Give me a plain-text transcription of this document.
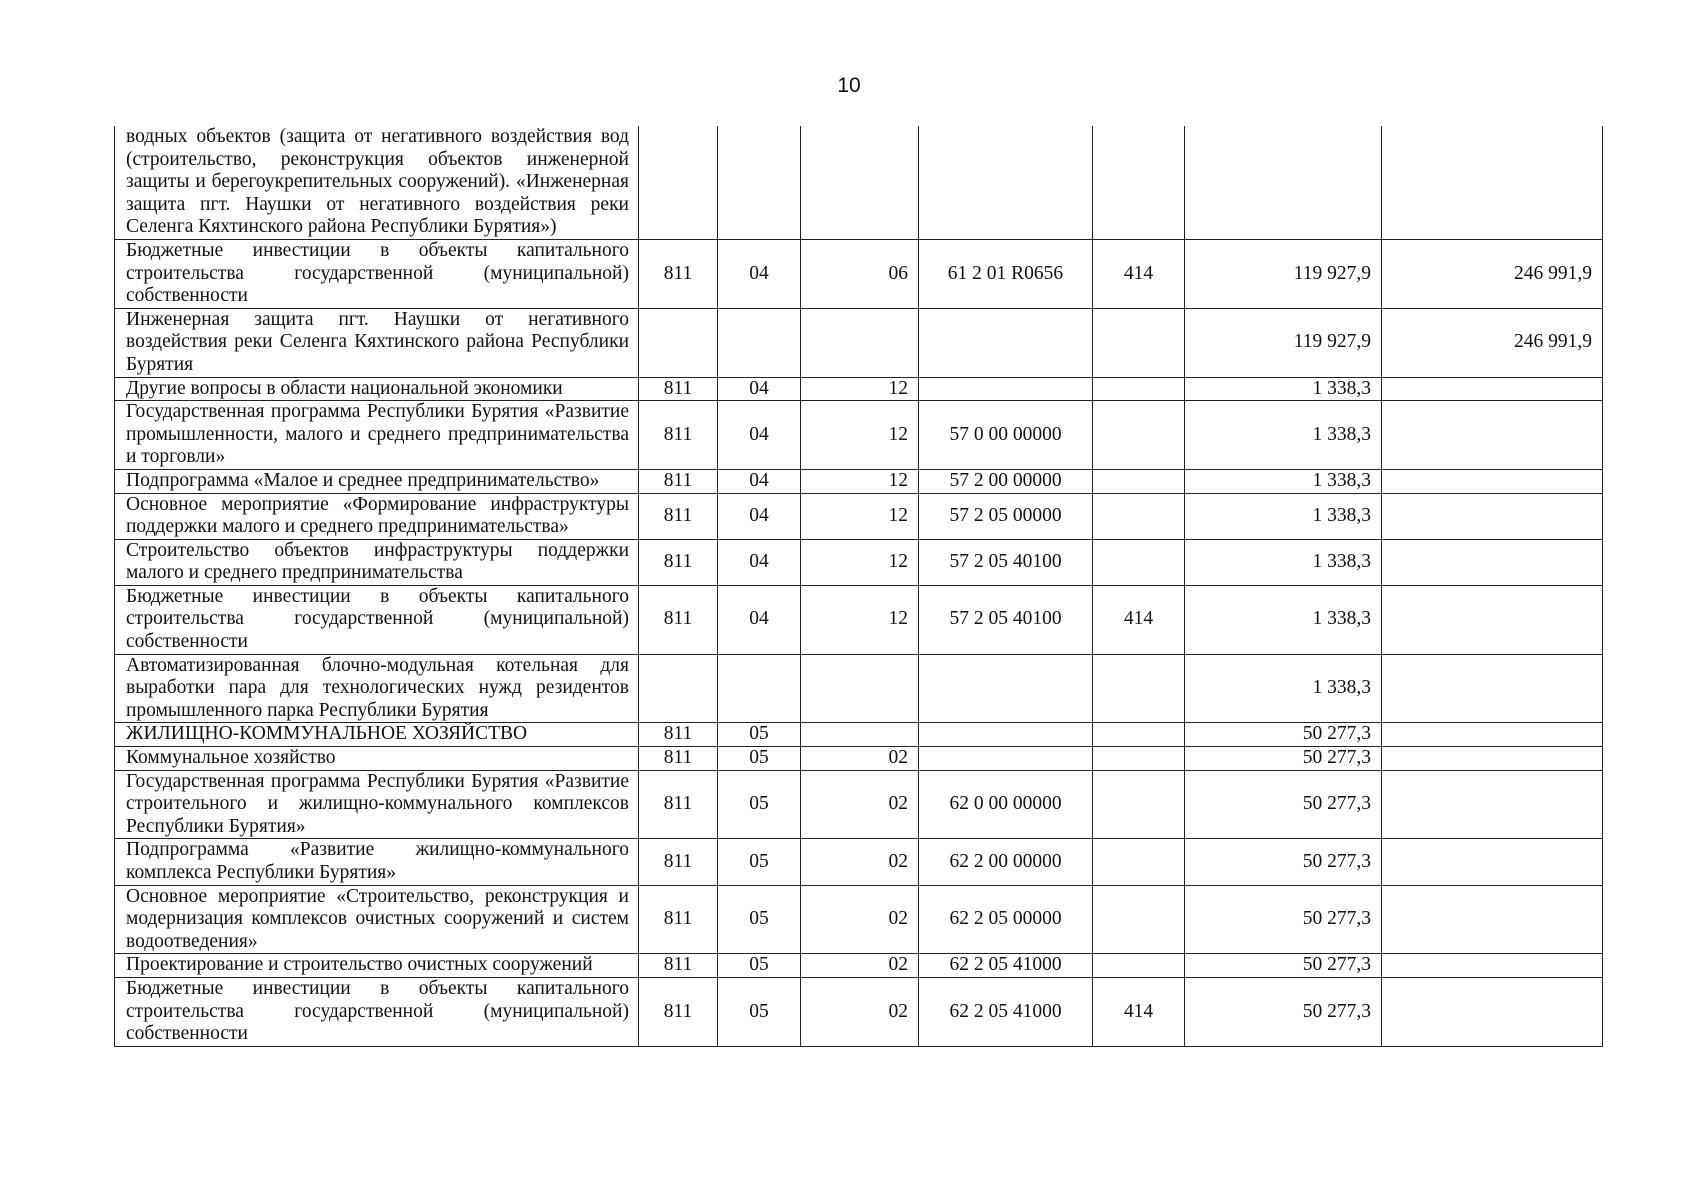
10
водных объектов (защита от негативного воздействия вод (строительство, реконструкция объектов инженерной защиты и берегоукрепительных сооружений). «Инженерная защита пгт. Наушки от негативного воздействия реки Селенга Кяхтинского района Республики Бурятия»)							
Бюджетные инвестиции в объекты капитального строительства государственной (муниципальной) собственности	811	04	06	61 2 01 R0656	414	119 927,9	246 991,9
Инженерная защита пгт. Наушки от негативного воздействия реки Селенга Кяхтинского района Республики Бурятия						119 927,9	246 991,9
Другие вопросы в области национальной экономики	811	04	12			1 338,3	
Государственная программа Республики Бурятия «Развитие промышленности, малого и среднего предпринимательства и торговли»	811	04	12	57 0 00 00000		1 338,3	
Подпрограмма «Малое и среднее предпринимательство»	811	04	12	57 2 00 00000		1 338,3	
Основное мероприятие «Формирование инфраструктуры поддержки малого и среднего предпринимательства»	811	04	12	57 2 05 00000		1 338,3	
Строительство объектов инфраструктуры поддержки малого и среднего предпринимательства	811	04	12	57 2 05 40100		1 338,3	
Бюджетные инвестиции в объекты капитального строительства государственной (муниципальной) собственности	811	04	12	57 2 05 40100	414	1 338,3	
Автоматизированная блочно-модульная котельная для выработки пара для технологических нужд резидентов промышленного парка Республики Бурятия						1 338,3	
ЖИЛИЩНО-КОММУНАЛЬНОЕ ХОЗЯЙСТВО	811	05				50 277,3	
Коммунальное хозяйство	811	05	02			50 277,3	
Государственная программа Республики Бурятия «Развитие строительного и жилищно-коммунального комплексов Республики Бурятия»	811	05	02	62 0 00 00000		50 277,3	
Подпрограмма «Развитие жилищно-коммунального комплекса Республики Бурятия»	811	05	02	62 2 00 00000		50 277,3	
Основное мероприятие «Строительство, реконструкция и модернизация комплексов очистных сооружений и систем водоотведения»	811	05	02	62 2 05 00000		50 277,3	
Проектирование и строительство очистных сооружений	811	05	02	62 2 05 41000		50 277,3	
Бюджетные инвестиции в объекты капитального строительства государственной (муниципальной) собственности	811	05	02	62 2 05 41000	414	50 277,3	
